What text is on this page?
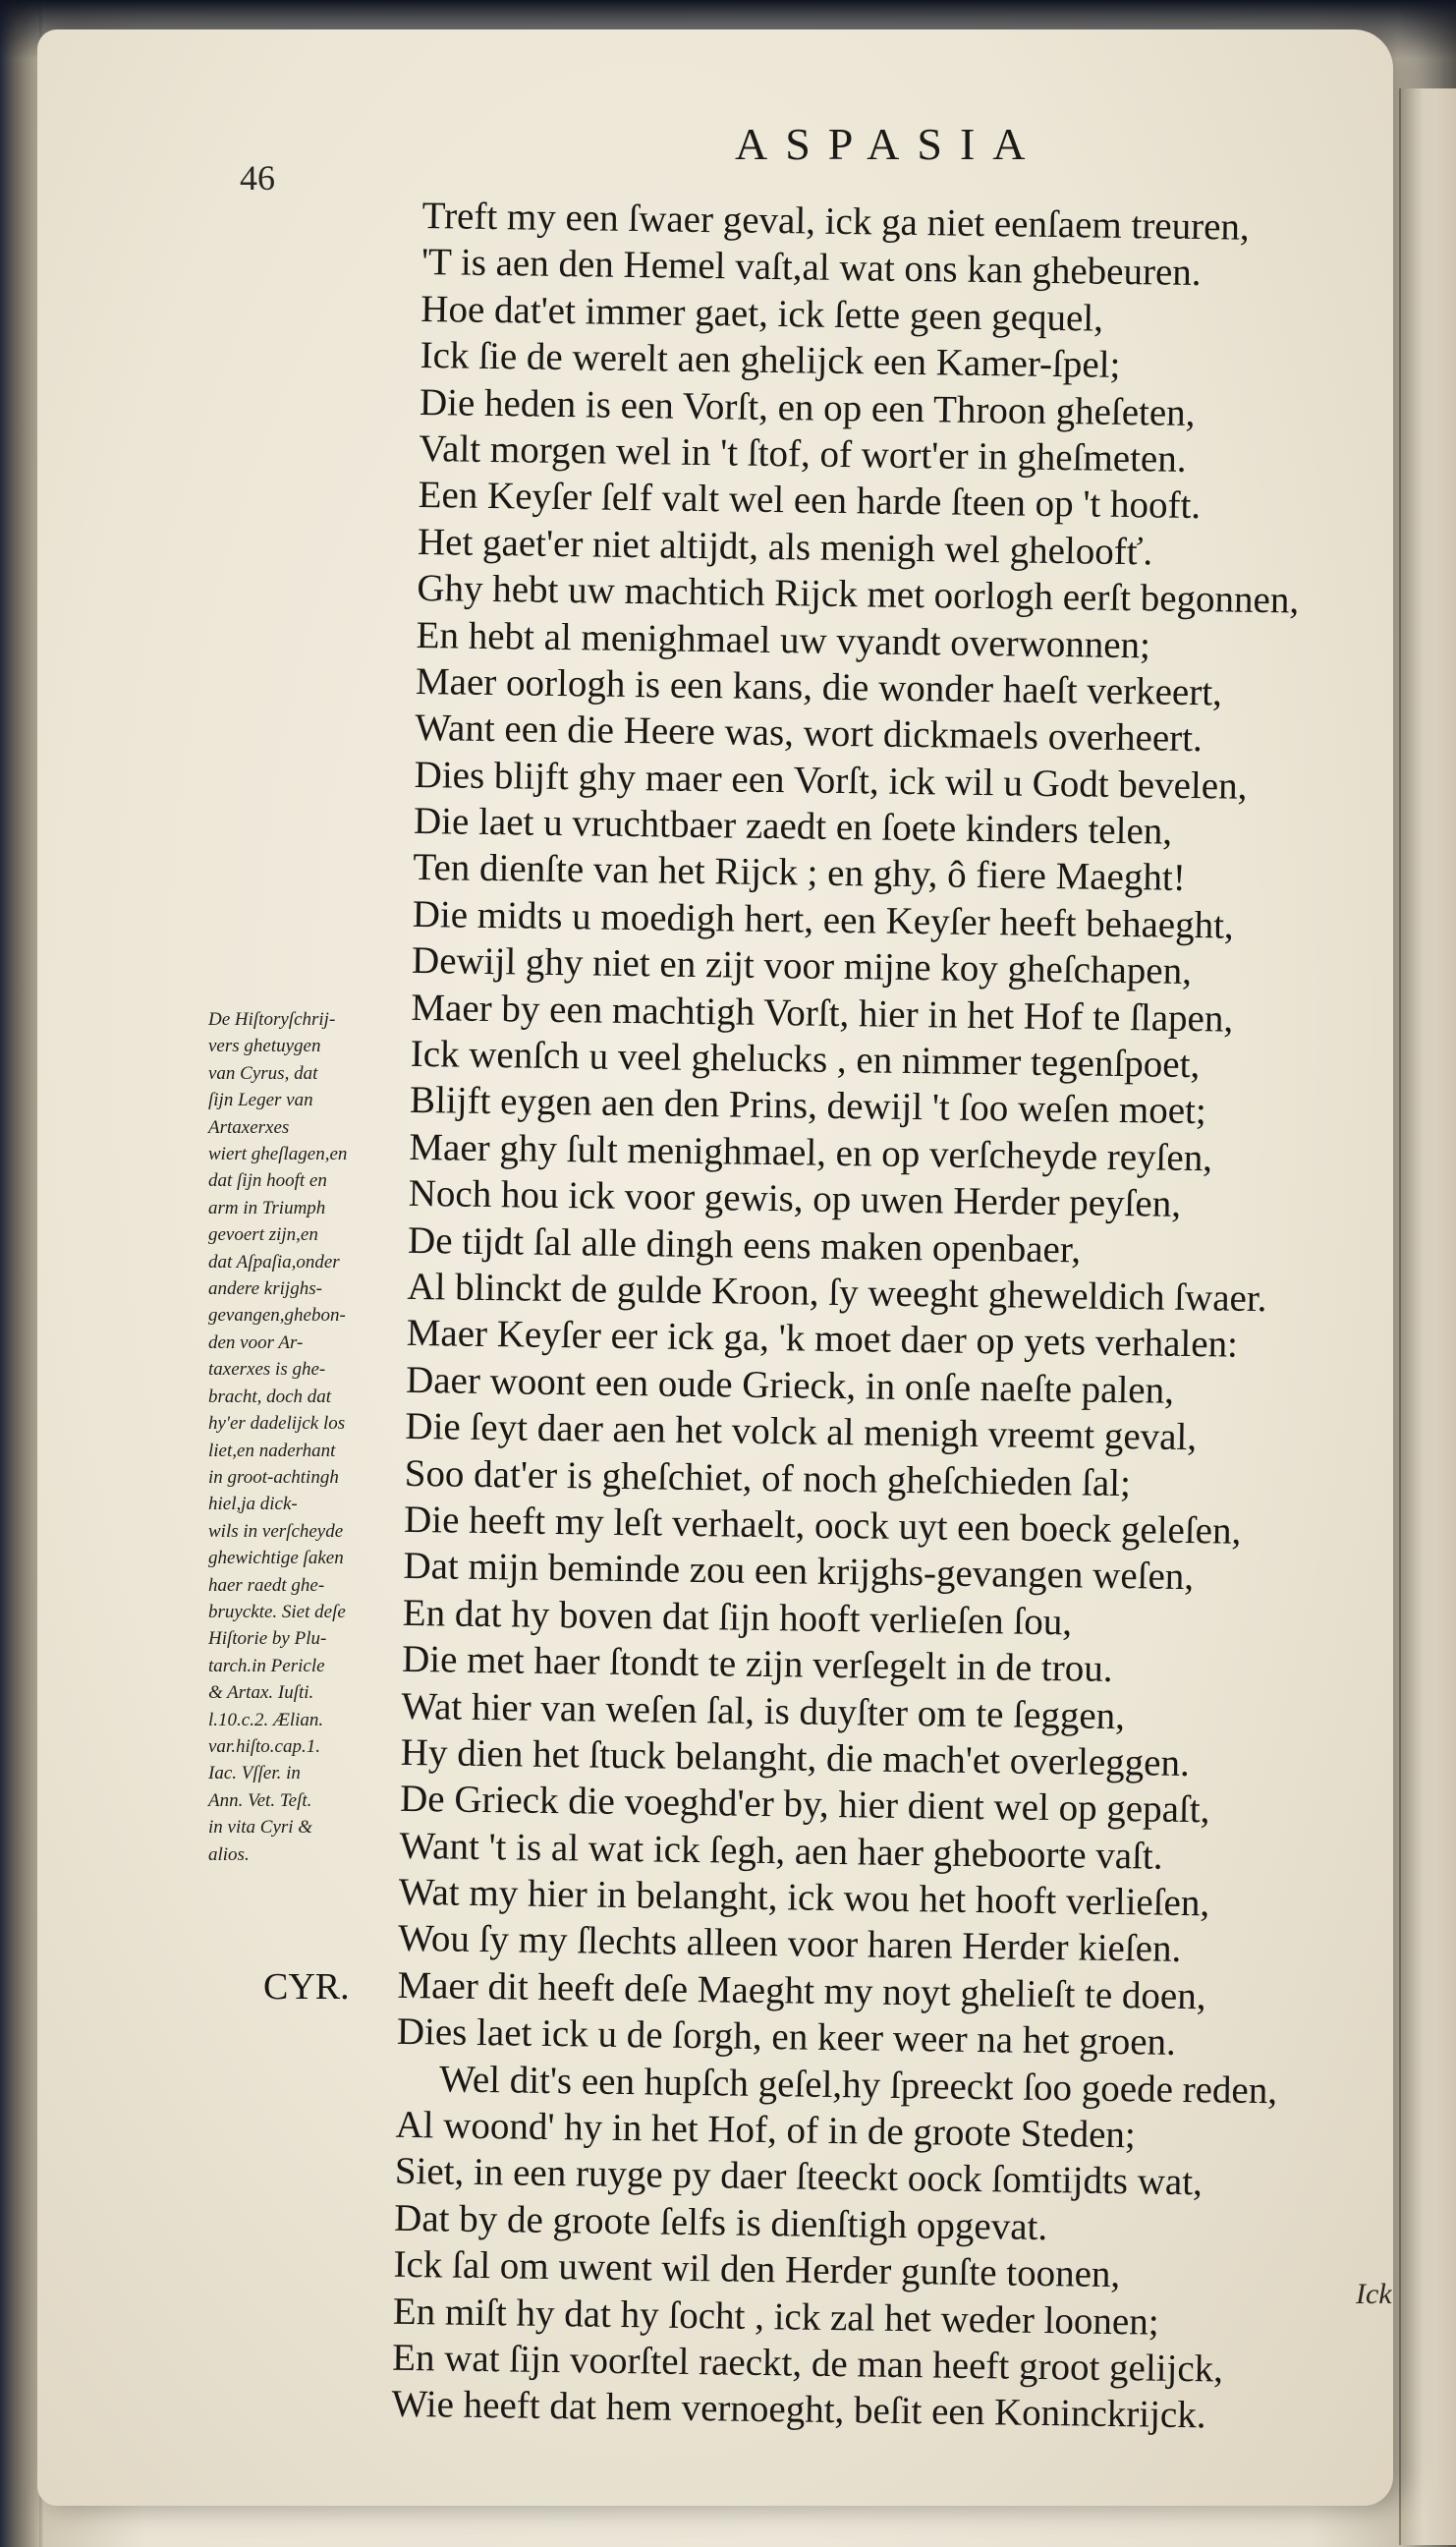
ASPASIA
46
De Hiſtoryſchrij-
vers ghetuygen
van Cyrus, dat
ſijn Leger van
Artaxerxes
wiert gheſlagen,en
dat ſijn hooft en
arm in Triumph
gevoert zijn,en
dat Aſpaſia,onder
andere krijghs-
gevangen,ghebon-
den voor Ar-
taxerxes is ghe-
bracht, doch dat
hy'er dadelijck los
liet,en naderhant
in groot-achtingh
hiel,ja dick-
wils in verſcheyde
ghewichtige ſaken
haer raedt ghe-
bruyckte. Siet deſe
Hiſtorie by Plu-
tarch.in Pericle
& Artax. Iuſti.
l.10.c.2. Ælian.
var.hiſto.cap.1.
Iac. Vſſer. in
Ann. Vet. Teſt.
in vita Cyri &
alios.
CYR.
Treft my een ſwaer geval, ick ga niet eenſaem treuren,
'T is aen den Hemel vaſt,al wat ons kan ghebeuren.
Hoe dat'et immer gaet, ick ſette geen gequel,
Ick ſie de werelt aen ghelijck een Kamer-ſpel;
Die heden is een Vorſt, en op een Throon gheſeten,
Valt morgen wel in 't ſtof, of wort'er in gheſmeten.
Een Keyſer ſelf valt wel een harde ſteen op 't hooft.
Het gaet'er niet altijdt, als menigh wel gheloofť.
Ghy hebt uw machtich Rijck met oorlogh eerſt begonnen,
En hebt al menighmael uw vyandt overwonnen;
Maer oorlogh is een kans, die wonder haeſt verkeert,
Want een die Heere was, wort dickmaels overheert.
Dies blijft ghy maer een Vorſt, ick wil u Godt bevelen,
Die laet u vruchtbaer zaedt en ſoete kinders telen,
Ten dienſte van het Rijck ; en ghy, ô fiere Maeght!
Die midts u moedigh hert, een Keyſer heeft behaeght,
Dewijl ghy niet en zijt voor mijne koy gheſchapen,
Maer by een machtigh Vorſt, hier in het Hof te ſlapen,
Ick wenſch u veel ghelucks , en nimmer tegenſpoet,
Blijft eygen aen den Prins, dewijl 't ſoo weſen moet;
Maer ghy ſult menighmael, en op verſcheyde reyſen,
Noch hou ick voor gewis, op uwen Herder peyſen,
De tijdt ſal alle dingh eens maken openbaer,
Al blinckt de gulde Kroon, ſy weeght gheweldich ſwaer.
Maer Keyſer eer ick ga, 'k moet daer op yets verhalen:
Daer woont een oude Grieck, in onſe naeſte palen,
Die ſeyt daer aen het volck al menigh vreemt geval,
Soo dat'er is gheſchiet, of noch gheſchieden ſal;
Die heeft my leſt verhaelt, oock uyt een boeck geleſen,
Dat mijn beminde zou een krijghs-gevangen weſen,
En dat hy boven dat ſijn hooft verlieſen ſou,
Die met haer ſtondt te zijn verſegelt in de trou.
Wat hier van weſen ſal, is duyſter om te ſeggen,
Hy dien het ſtuck belanght, die mach'et overleggen.
De Grieck die voeghd'er by, hier dient wel op gepaſt,
Want 't is al wat ick ſegh, aen haer gheboorte vaſt.
Wat my hier in belanght, ick wou het hooft verlieſen,
Wou ſy my ſlechts alleen voor haren Herder kieſen.
Maer dit heeft deſe Maeght my noyt ghelieſt te doen,
Dies laet ick u de ſorgh, en keer weer na het groen.
Wel dit's een hupſch geſel,hy ſpreeckt ſoo goede reden,
Al woond' hy in het Hof, of in de groote Steden;
Siet, in een ruyge py daer ſteeckt oock ſomtijdts wat,
Dat by de groote ſelfs is dienſtigh opgevat.
Ick ſal om uwent wil den Herder gunſte toonen,
En miſt hy dat hy ſocht , ick zal het weder loonen;
En wat ſijn voorſtel raeckt, de man heeft groot gelijck,
Wie heeft dat hem vernoeght, beſit een Koninckrijck.
Ick
